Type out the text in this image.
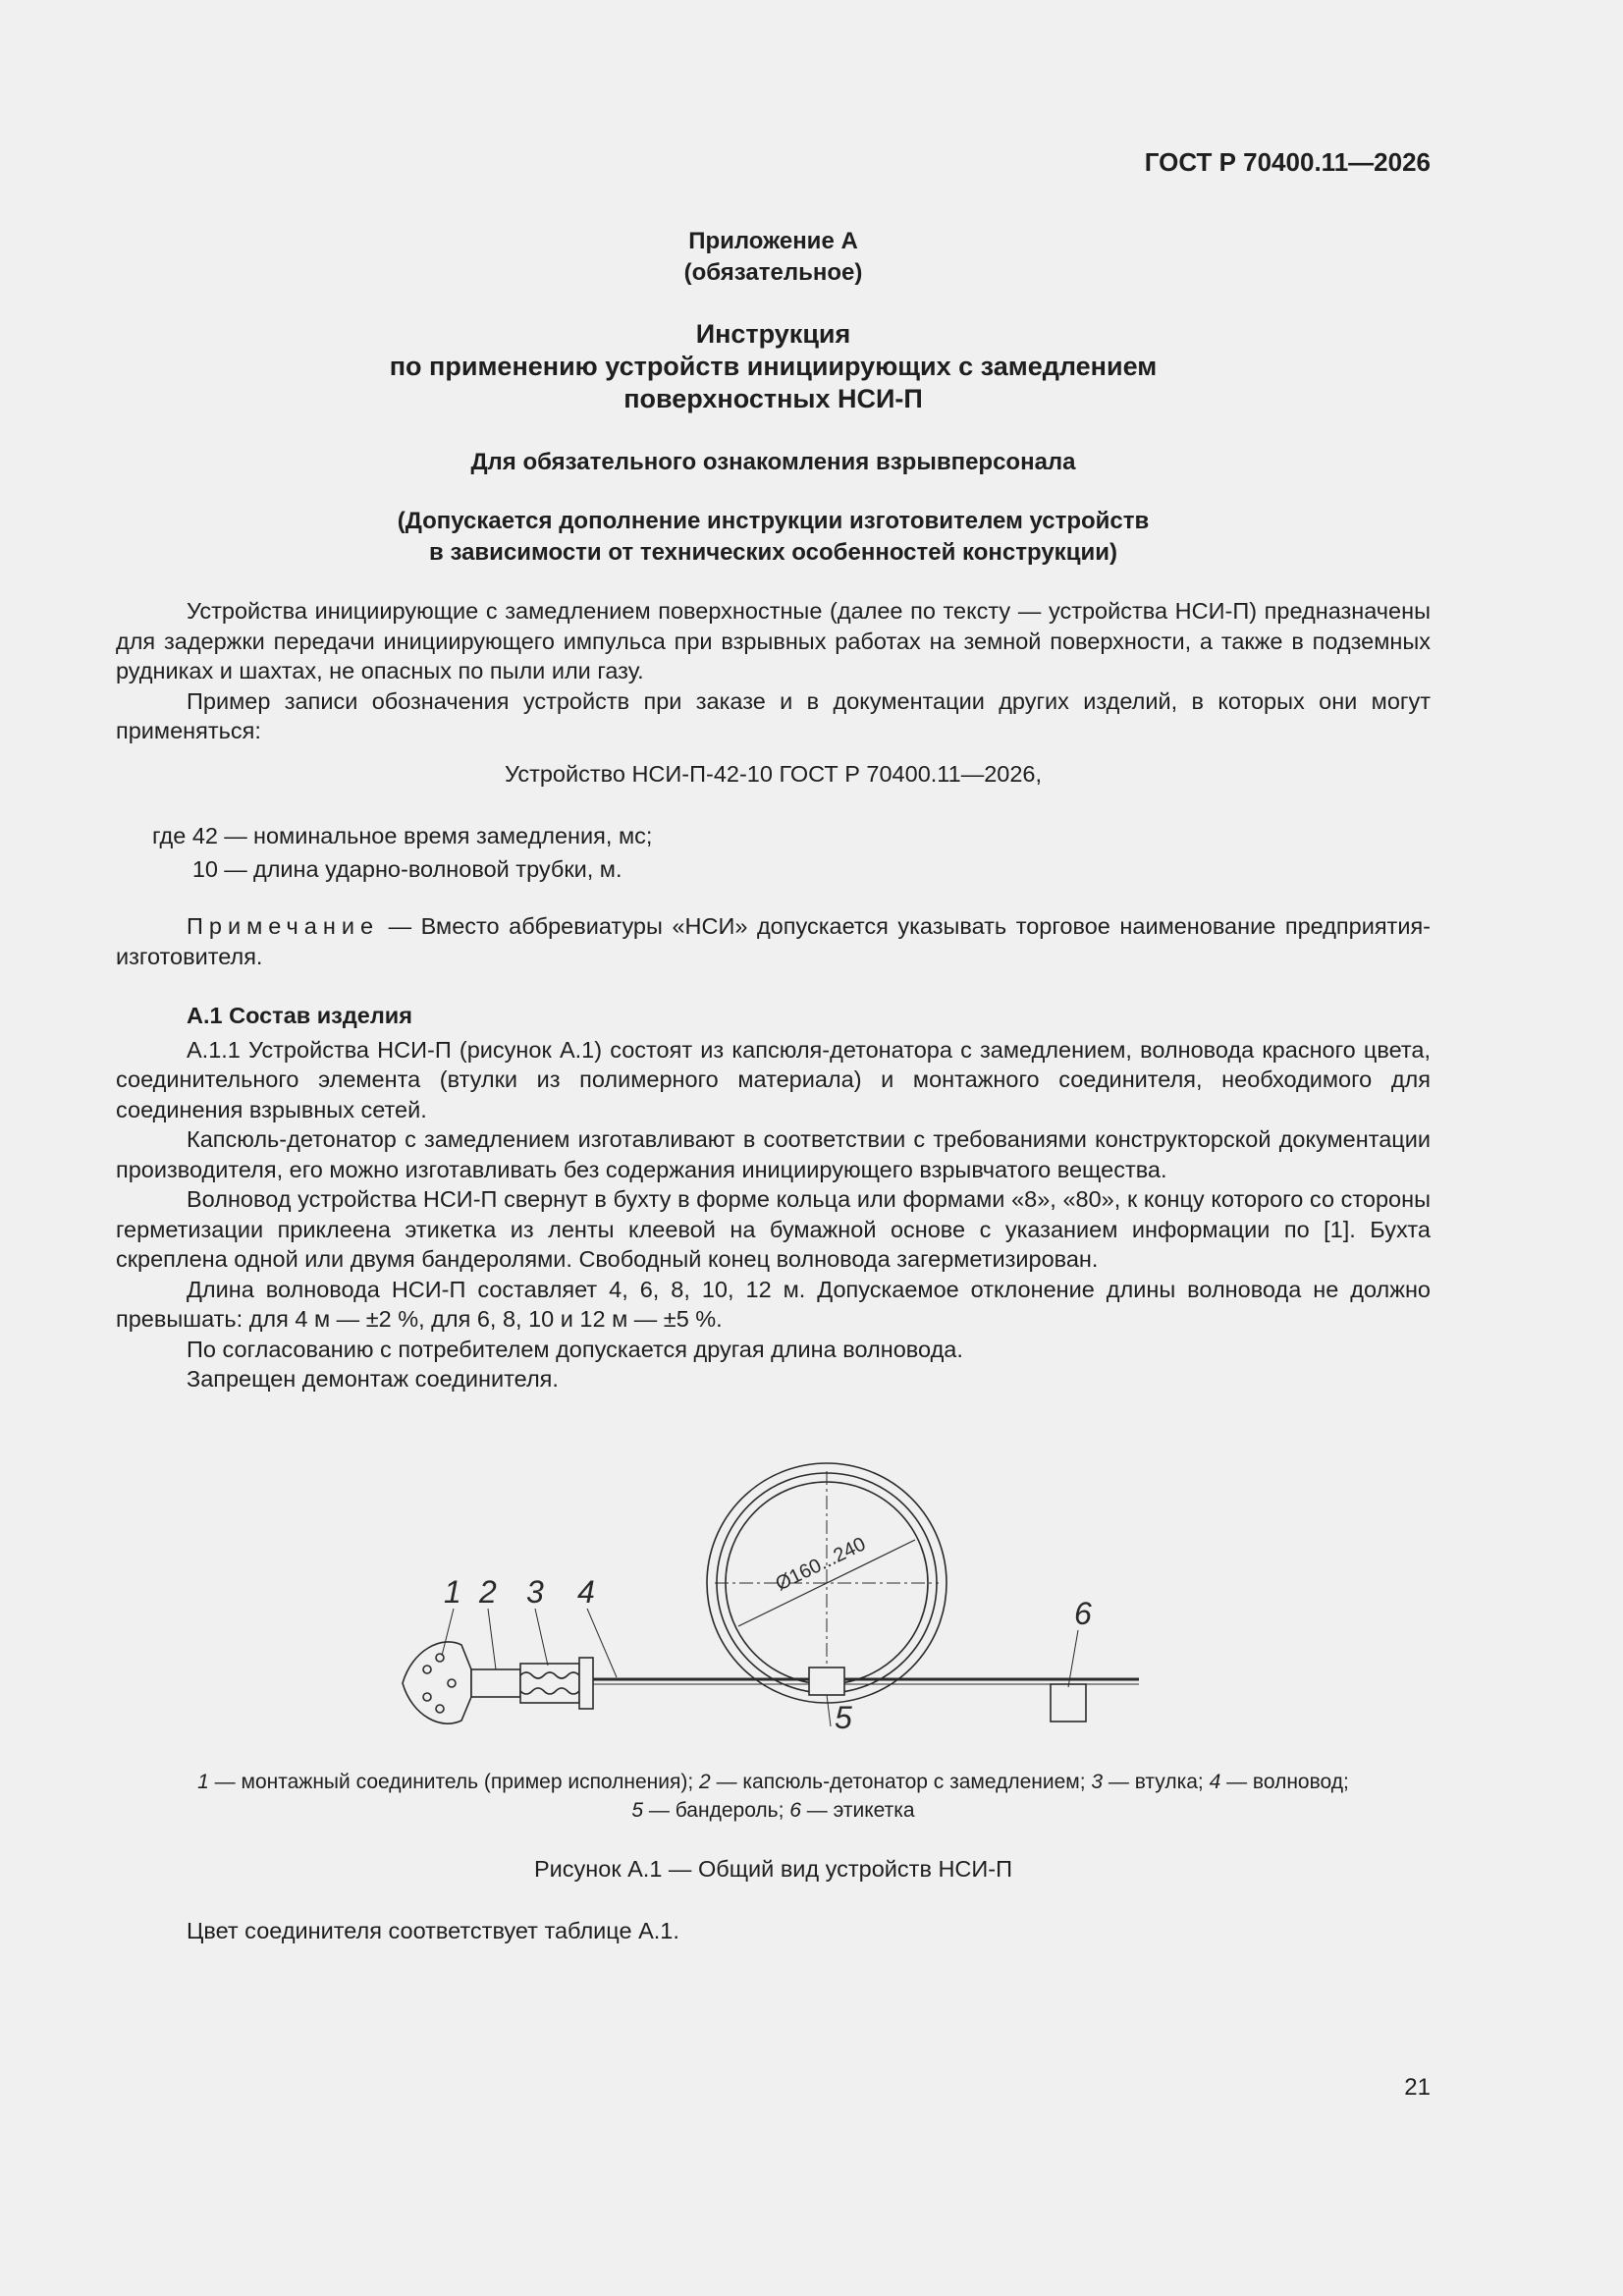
ГОСТ Р 70400.11—2026
Приложение А
(обязательное)
Инструкция
по применению устройств инициирующих с замедлением
поверхностных НСИ-П
Для обязательного ознакомления взрывперсонала
(Допускается дополнение инструкции изготовителем устройств
в зависимости от технических особенностей конструкции)

Устройства инициирующие с замедлением поверхностные (далее по тексту — устройства НСИ-П) предназначены для задержки передачи инициирующего импульса при взрывных работах на земной поверхности, а также в подземных рудниках и шахтах, не опасных по пыли или газу.

Пример записи обозначения устройств при заказе и в документации других изделий, в которых они могут применяться:

Устройство НСИ-П-42-10 ГОСТ Р 70400.11—2026,
где 42 — номинальное время замедления, мс;
10 — длина ударно-волновой трубки, м.

Примечание — Вместо аббревиатуры «НСИ» допускается указывать торговое наименование предприятия-изготовителя.

А.1 Состав изделия

А.1.1 Устройства НСИ-П (рисунок А.1) состоят из капсюля-детонатора с замедлением, волновода красного цвета, соединительного элемента (втулки из полимерного материала) и монтажного соединителя, необходимого для соединения взрывных сетей.

Капсюль-детонатор с замедлением изготавливают в соответствии с требованиями конструкторской документации производителя, его можно изготавливать без содержания инициирующего взрывчатого вещества.

Волновод устройства НСИ-П свернут в бухту в форме кольца или формами «8», «80», к концу которого со стороны герметизации приклеена этикетка из ленты клеевой на бумажной основе с указанием информации по [1]. Бухта скреплена одной или двумя бандеролями. Свободный конец волновода загерметизирован.

Длина волновода НСИ-П составляет 4, 6, 8, 10, 12 м. Допускаемое отклонение длины волновода не должно превышать: для 4 м — ±2 %, для 6, 8, 10 и 12 м — ±5 %.

По согласованию с потребителем допускается другая длина волновода.

Запрещен демонтаж соединителя.

Ø160...240
1 2 3 4
5
6
1 — монтажный соединитель (пример исполнения); 2 — капсюль-детонатор с замедлением; 3 — втулка; 4 — волновод;
5 — бандероль; 6 — этикетка
Рисунок А.1 — Общий вид устройств НСИ-П

Цвет соединителя соответствует таблице А.1.

21
